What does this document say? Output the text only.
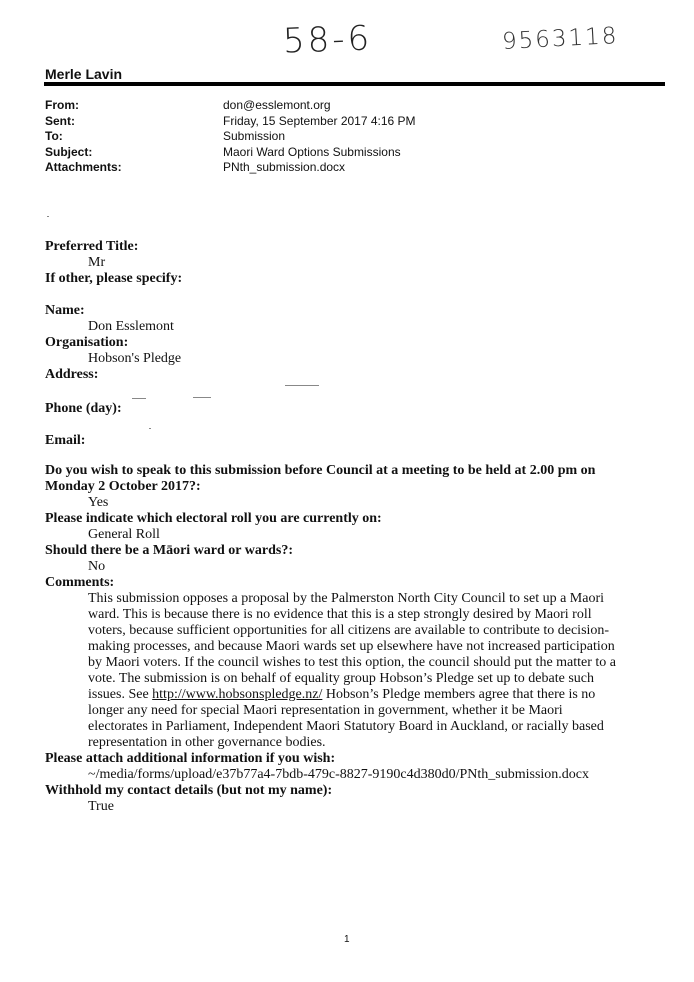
58-6	9563118
Merle Lavin
From:	don@esslemont.org
Sent:	Friday, 15 September 2017 4:16 PM
To:	Submission
Subject:	Maori Ward Options Submissions
Attachments:	PNth_submission.docx
Preferred Title:
Mr
If other, please specify:
Name:
Don Esslemont
Organisation:
Hobson's Pledge
Address:
Phone (day):
Email:
Do you wish to speak to this submission before Council at a meeting to be held at 2.00 pm on Monday 2 October 2017?:
Yes
Please indicate which electoral roll you are currently on:
General Roll
Should there be a Māori ward or wards?:
No
Comments:
This submission opposes a proposal by the Palmerston North City Council to set up a Maori ward. This is because there is no evidence that this is a step strongly desired by Maori roll voters, because sufficient opportunities for all citizens are available to contribute to decision-making processes, and because Maori wards set up elsewhere have not increased participation by Maori voters. If the council wishes to test this option, the council should put the matter to a vote. The submission is on behalf of equality group Hobson’s Pledge set up to debate such issues. See http://www.hobsonspledge.nz/ Hobson’s Pledge members agree that there is no longer any need for special Maori representation in government, whether it be Maori electorates in Parliament, Independent Maori Statutory Board in Auckland, or racially based representation in other governance bodies.
Please attach additional information if you wish:
~/media/forms/upload/e37b77a4-7bdb-479c-8827-9190c4d380d0/PNth_submission.docx
Withhold my contact details (but not my name):
True
1
